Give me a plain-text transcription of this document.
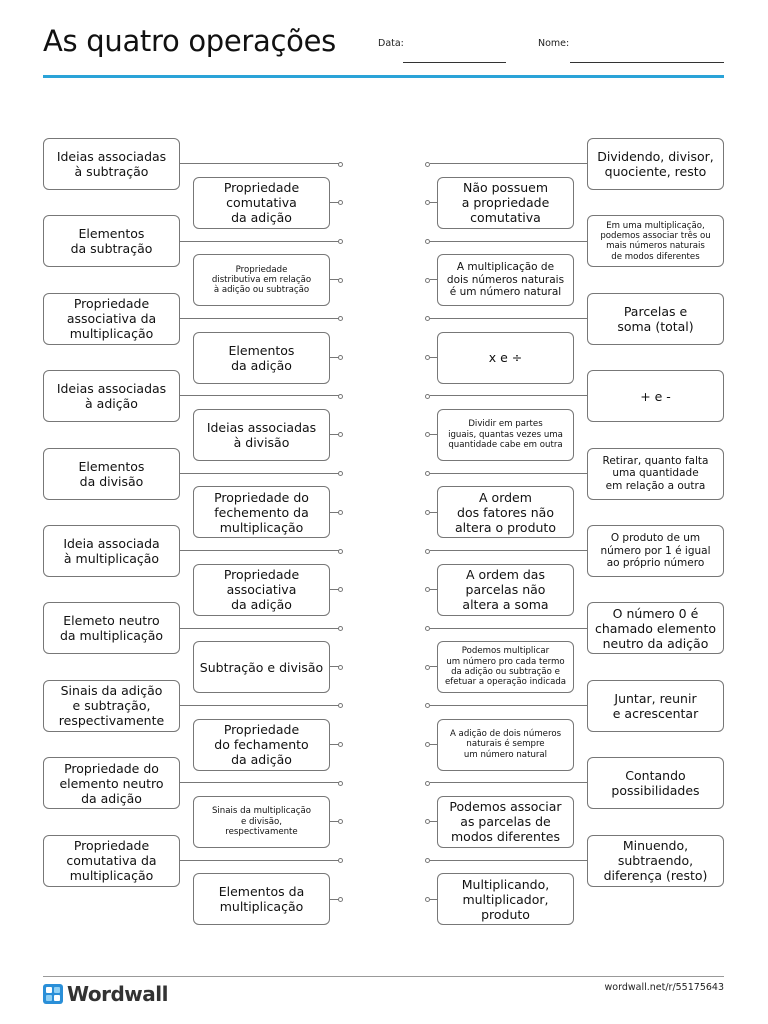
As quatro operações	Data:	Nome:
Ideias associadas
à subtração
Propriedade
comutativa
da adição
Elementos
da subtração
Propriedade
distributiva em relação
à adição ou subtração
Propriedade
associativa da
multiplicação
Elementos
da adição
Ideias associadas
à adição
Ideias associadas
à divisão
Elementos
da divisão
Propriedade do
fechemento da
multiplicação
Ideia associada
à multiplicação
Propriedade
associativa
da adição
Elemeto neutro
da multiplicação
Subtração e divisão
Sinais da adição
e subtração,
respectivamente
Propriedade
do fechamento
da adição
Propriedade do
elemento neutro
da adição
Sinais da multiplicação
e divisão,
respectivamente
Propriedade
comutativa da
multiplicação
Elementos da
multiplicação
Dividendo, divisor,
quociente, resto
Não possuem
a propriedade
comutativa
Em uma multiplicação,
podemos associar três ou
mais números naturais
de modos diferentes
A multiplicação de
dois números naturais
é um número natural
Parcelas e
soma (total)
x e ÷
+ e -
Dividir em partes
iguais, quantas vezes uma
quantidade cabe em outra
Retirar, quanto falta
uma quantidade
em relação a outra
A ordem
dos fatores não
altera o produto
O produto de um
número por 1 é igual
ao próprio número
A ordem das
parcelas não
altera a soma
O número 0 é
chamado elemento
neutro da adição
Podemos multiplicar
um número pro cada termo
da adição ou subtração e
efetuar a operação indicada
Juntar, reunir
e acrescentar
A adição de dois números
naturais é sempre
um número natural
Contando
possibilidades
Podemos associar
as parcelas de
modos diferentes
Minuendo,
subtraendo,
diferença (resto)
Multiplicando,
multiplicador,
produto
Wordwall	wordwall.net/r/55175643
